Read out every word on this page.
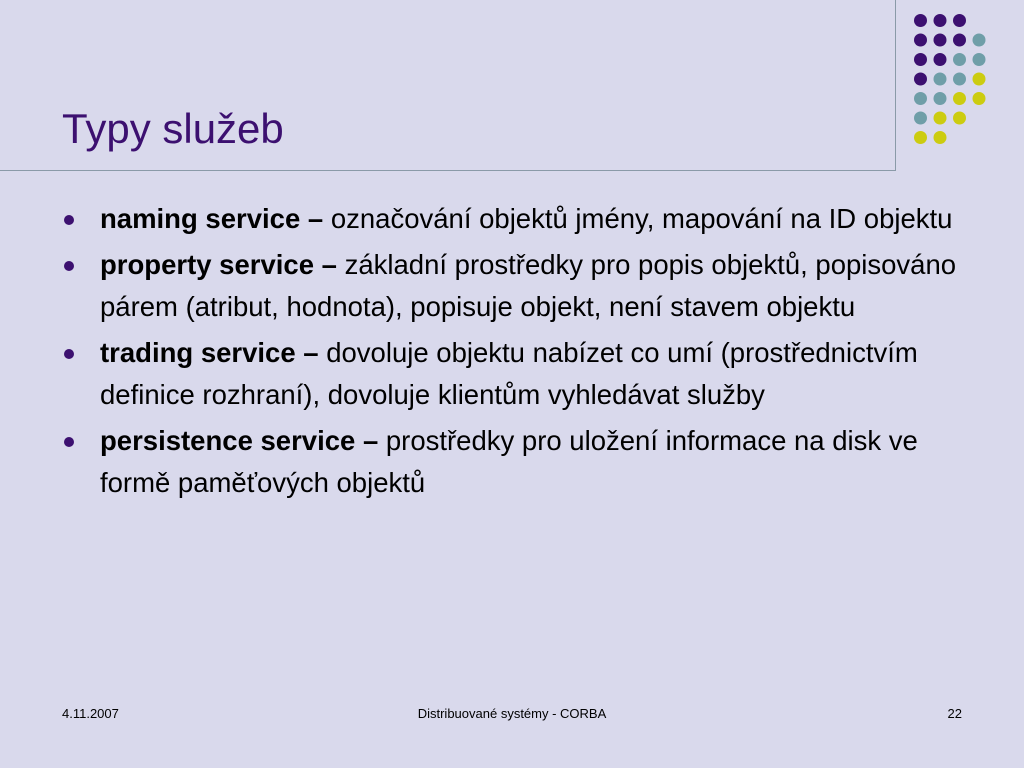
Typy služeb
naming service – označování objektů jmény, mapování na ID objektu
property service – základní prostředky pro popis objektů, popisováno párem (atribut, hodnota), popisuje objekt, není stavem objektu
trading service – dovoluje objektu nabízet co umí (prostřednictvím definice rozhraní), dovoluje klientům vyhledávat služby
persistence service – prostředky pro uložení informace na disk ve formě paměťových objektů
4.11.2007	Distribuované systémy - CORBA	22
